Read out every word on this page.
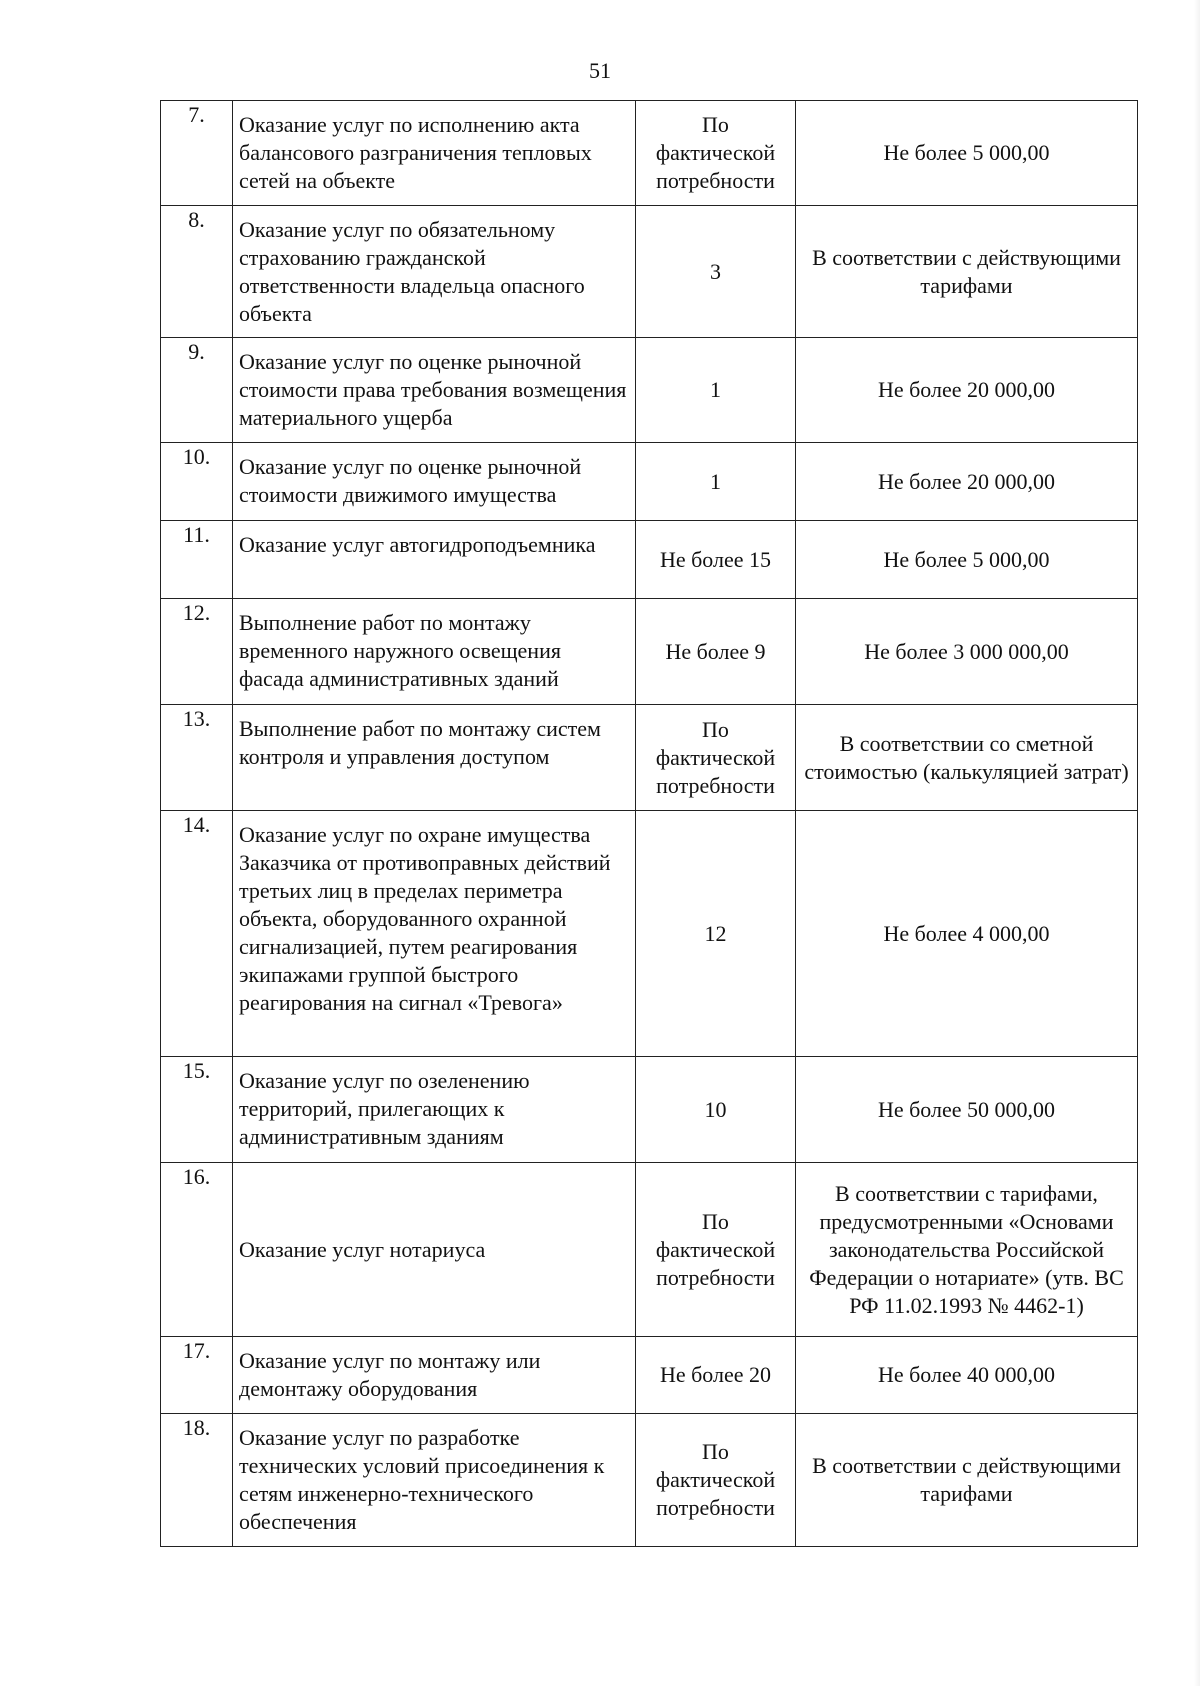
51
7.	Оказание услуг по исполнению акта балансового разграничения тепловых сетей на объекте	По фактической потребности	Не более 5 000,00
8.	Оказание услуг по обязательному страхованию гражданской ответственности владельца опасного объекта	3	В соответствии с действующими тарифами
9.	Оказание услуг по оценке рыночной стоимости права требования возмещения материального ущерба	1	Не более 20 000,00
10.	Оказание услуг по оценке рыночной стоимости движимого имущества	1	Не более 20 000,00
11.	Оказание услуг автогидроподъемника	Не более 15	Не более 5 000,00
12.	Выполнение работ по монтажу временного наружного освещения фасада административных зданий	Не более 9	Не более 3 000 000,00
13.	Выполнение работ по монтажу систем контроля и управления доступом	По фактической потребности	В соответствии со сметной стоимостью (калькуляцией затрат)
14.	Оказание услуг по охране имущества Заказчика от противоправных действий третьих лиц в пределах периметра объекта, оборудованного охранной сигнализацией, путем реагирования экипажами группой быстрого реагирования на сигнал «Тревога»	12	Не более 4 000,00
15.	Оказание услуг по озеленению территорий, прилегающих к административным зданиям	10	Не более 50 000,00
16.	Оказание услуг нотариуса	По фактической потребности	В соответствии с тарифами, предусмотренными «Основами законодательства Российской Федерации о нотариате» (утв. ВС РФ 11.02.1993 № 4462-1)
17.	Оказание услуг по монтажу или демонтажу оборудования	Не более 20	Не более 40 000,00
18.	Оказание услуг по разработке технических условий присоединения к сетям инженерно-технического обеспечения	По фактической потребности	В соответствии с действующими тарифами
